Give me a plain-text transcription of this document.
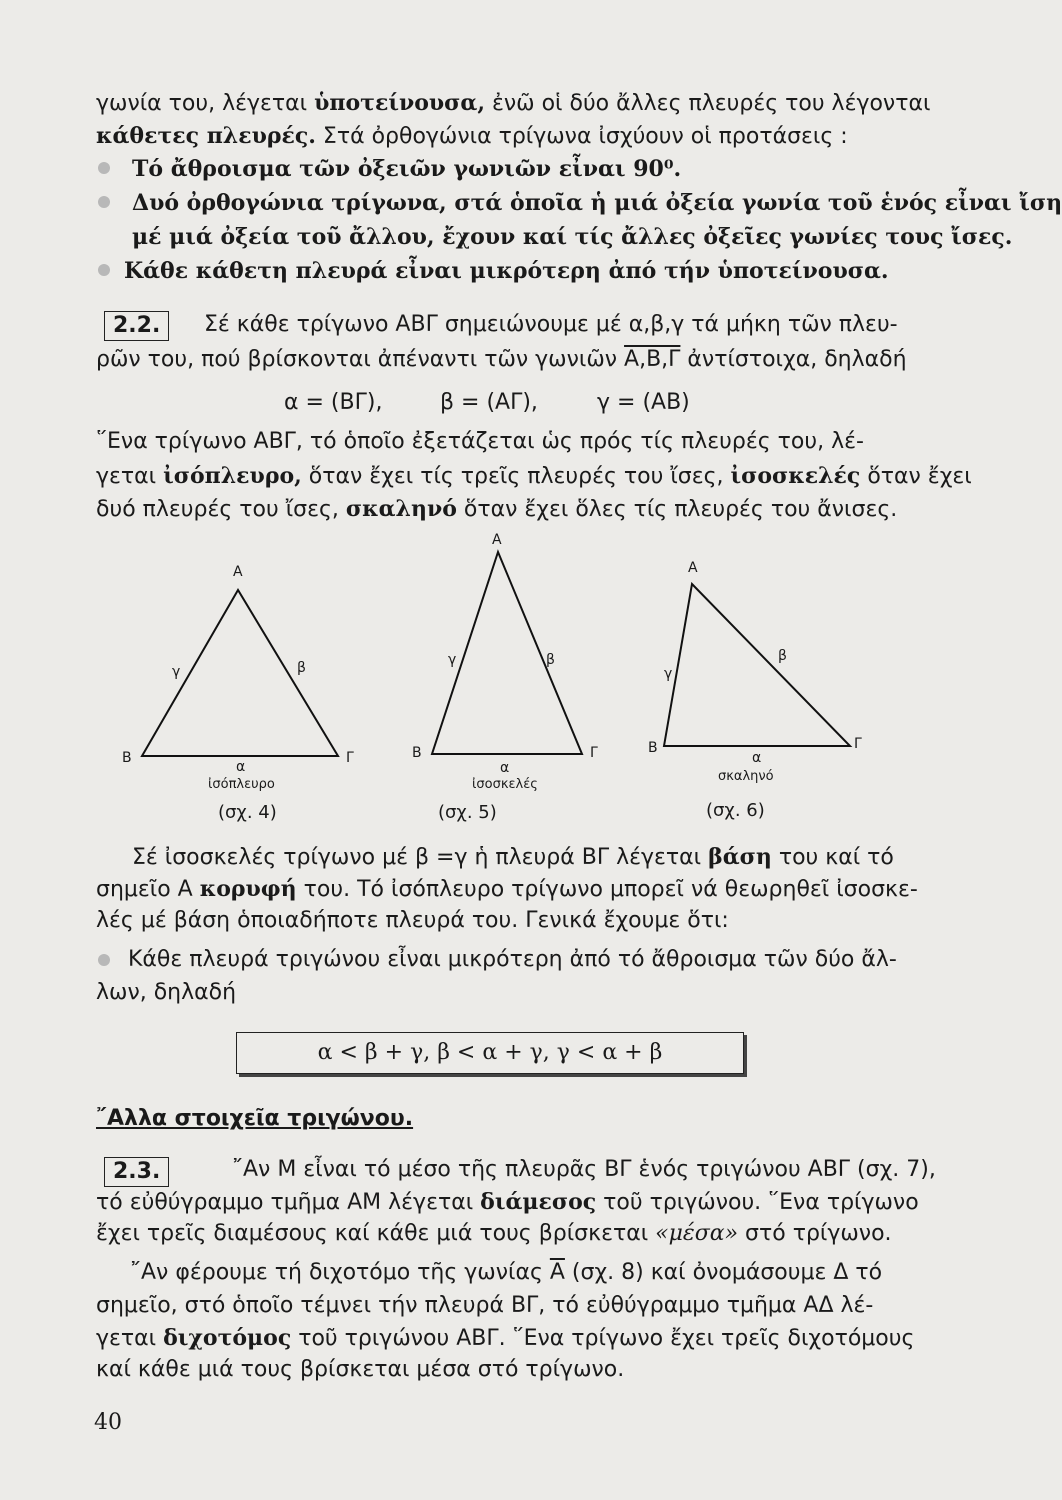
γωνία του, λέγεται ὑποτείνουσα, ἐνῶ οἱ δύο ἄλλες πλευρές του λέγονται
κάθετες πλευρές. Στά ὀρθογώνια τρίγωνα ἰσχύουν οἱ προτάσεις :
Τό ἄθροισμα τῶν ὀξειῶν γωνιῶν εἶναι 90⁰.
Δυό ὀρθογώνια τρίγωνα, στά ὁποῖα ἡ μιά ὀξεία γωνία τοῦ ἑνός εἶναι ἴση
μέ μιά ὀξεία τοῦ ἄλλου, ἔχουν καί τίς ἄλλες ὀξεῖες γωνίες τους ἴσες.
Κάθε κάθετη πλευρά εἶναι μικρότερη ἀπό τήν ὑποτείνουσα.
2.2.	Σέ κάθε τρίγωνο ΑΒΓ σημειώνουμε μέ α,β,γ τά μήκη τῶν πλευ-
ρῶν του, πού βρίσκονται ἀπέναντι τῶν γωνιῶν Α,Β,Γ ἀντίστοιχα, δηλαδή
α = (ΒΓ),	β = (ΑΓ),	γ = (ΑΒ)
῞Ενα τρίγωνο ΑΒΓ, τό ὁποῖο ἐξετάζεται ὡς πρός τίς πλευρές του, λέ-
γεται ἰσόπλευρο, ὅταν ἔχει τίς τρεῖς πλευρές του ἴσες, ἰσοσκελές ὅταν ἔχει
δυό πλευρές του ἴσες, σκαληνό ὅταν ἔχει ὅλες τίς πλευρές του ἄνισες.
A
Β	Γ
γ	β
α
ἰσόπλευρο
(σχ. 4)
Α
Β	Γ
γ	β
α
ἰσοσκελές
(σχ. 5)
Α
Β	Γ
γ
β
α
σκαληνό
(σχ. 6)
Σέ ἰσοσκελές τρίγωνο μέ β =γ ἡ πλευρά ΒΓ λέγεται βάση του καί τό
σημεῖο Α κορυφή του. Τό ἰσόπλευρο τρίγωνο μπορεῖ νά θεωρηθεῖ ἰσοσκε-
λές μέ βάση ὁποιαδήποτε πλευρά του. Γενικά ἔχουμε ὅτι:
Κάθε πλευρά τριγώνου εἶναι μικρότερη ἀπό τό ἄθροισμα τῶν δύο ἄλ-
λων, δηλαδή
α < β + γ, β < α + γ, γ < α + β
῎Αλλα στοιχεῖα τριγώνου.
2.3.	῎Αν Μ εἶναι τό μέσο τῆς πλευρᾶς ΒΓ ἑνός τριγώνου ΑΒΓ (σχ. 7),
τό εὐθύγραμμο τμῆμα ΑΜ λέγεται διάμεσος τοῦ τριγώνου. ῞Ενα τρίγωνο
ἔχει τρεῖς διαμέσους καί κάθε μιά τους βρίσκεται «μέσα» στό τρίγωνο.
῎Αν φέρουμε τή διχοτόμο τῆς γωνίας $\overline{A}$ (σχ. 8) καί ὀνομάσουμε Δ τό
σημεῖο, στό ὁποῖο τέμνει τήν πλευρά ΒΓ, τό εὐθύγραμμο τμῆμα ΑΔ λέ-
γεται διχοτόμος τοῦ τριγώνου ΑΒΓ. ῞Ενα τρίγωνο ἔχει τρεῖς διχοτόμους
καί κάθε μιά τους βρίσκεται μέσα στό τρίγωνο.
40
